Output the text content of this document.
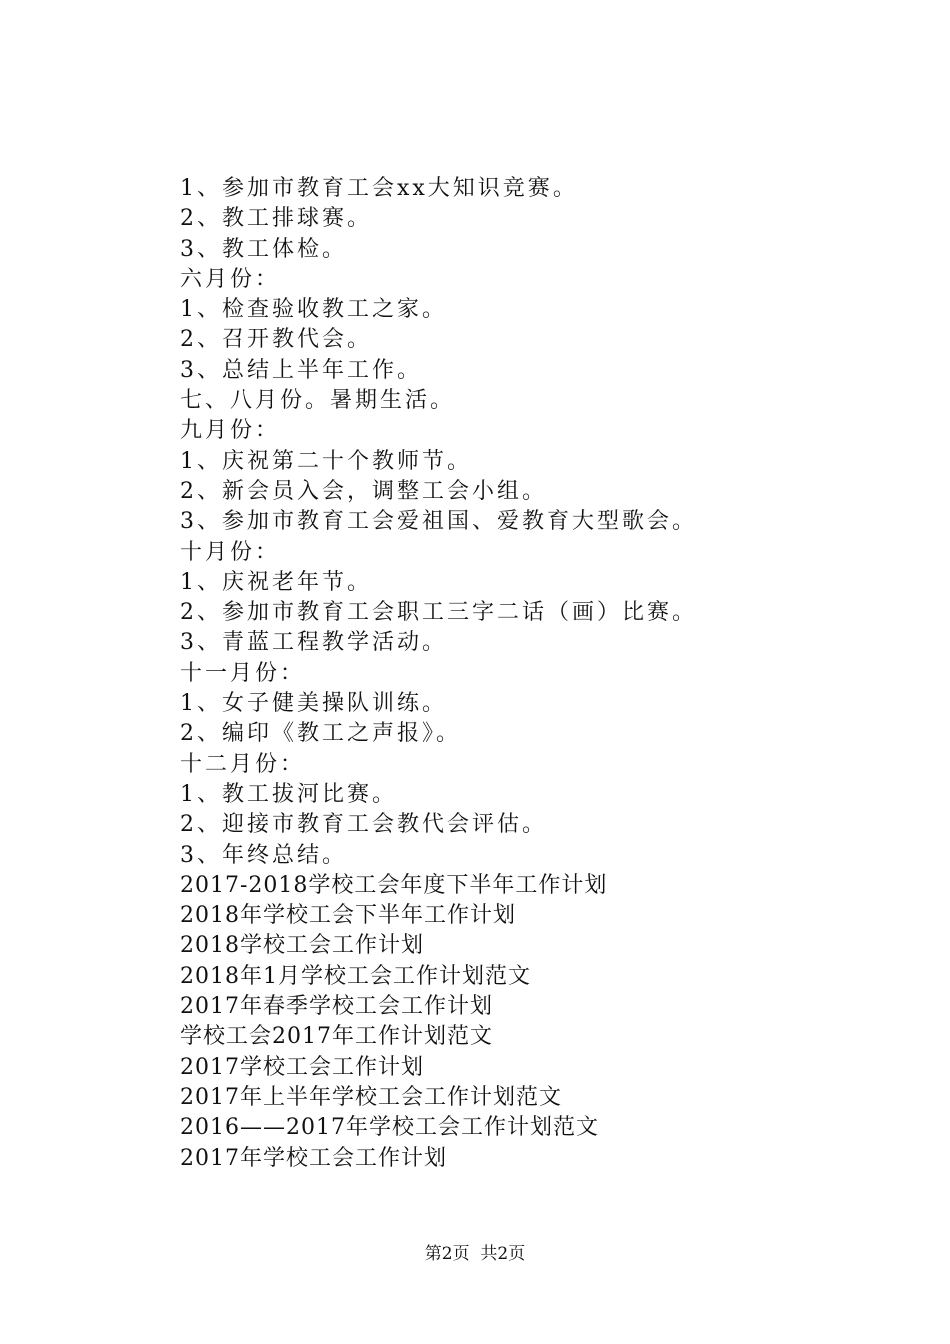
1、参加市教育工会xx大知识竞赛。
2、教工排球赛。
3、教工体检。
六月份：
1、检查验收教工之家。
2、召开教代会。
3、总结上半年工作。
七、八月份。暑期生活。
九月份：
1、庆祝第二十个教师节。
2、新会员入会，调整工会小组。
3、参加市教育工会爱祖国、爱教育大型歌会。
十月份：
1、庆祝老年节。
2、参加市教育工会职工三字二话（画）比赛。
3、青蓝工程教学活动。
十一月份：
1、女子健美操队训练。
2、编印《教工之声报》。
十二月份：
1、教工拔河比赛。
2、迎接市教育工会教代会评估。
3、年终总结。
2017-2018学校工会年度下半年工作计划
2018年学校工会下半年工作计划
2018学校工会工作计划
2018年1月学校工会工作计划范文
2017年春季学校工会工作计划
学校工会2017年工作计划范文
2017学校工会工作计划
2017年上半年学校工会工作计划范文
2016——2017年学校工会工作计划范文
2017年学校工会工作计划
第2页  共2页
